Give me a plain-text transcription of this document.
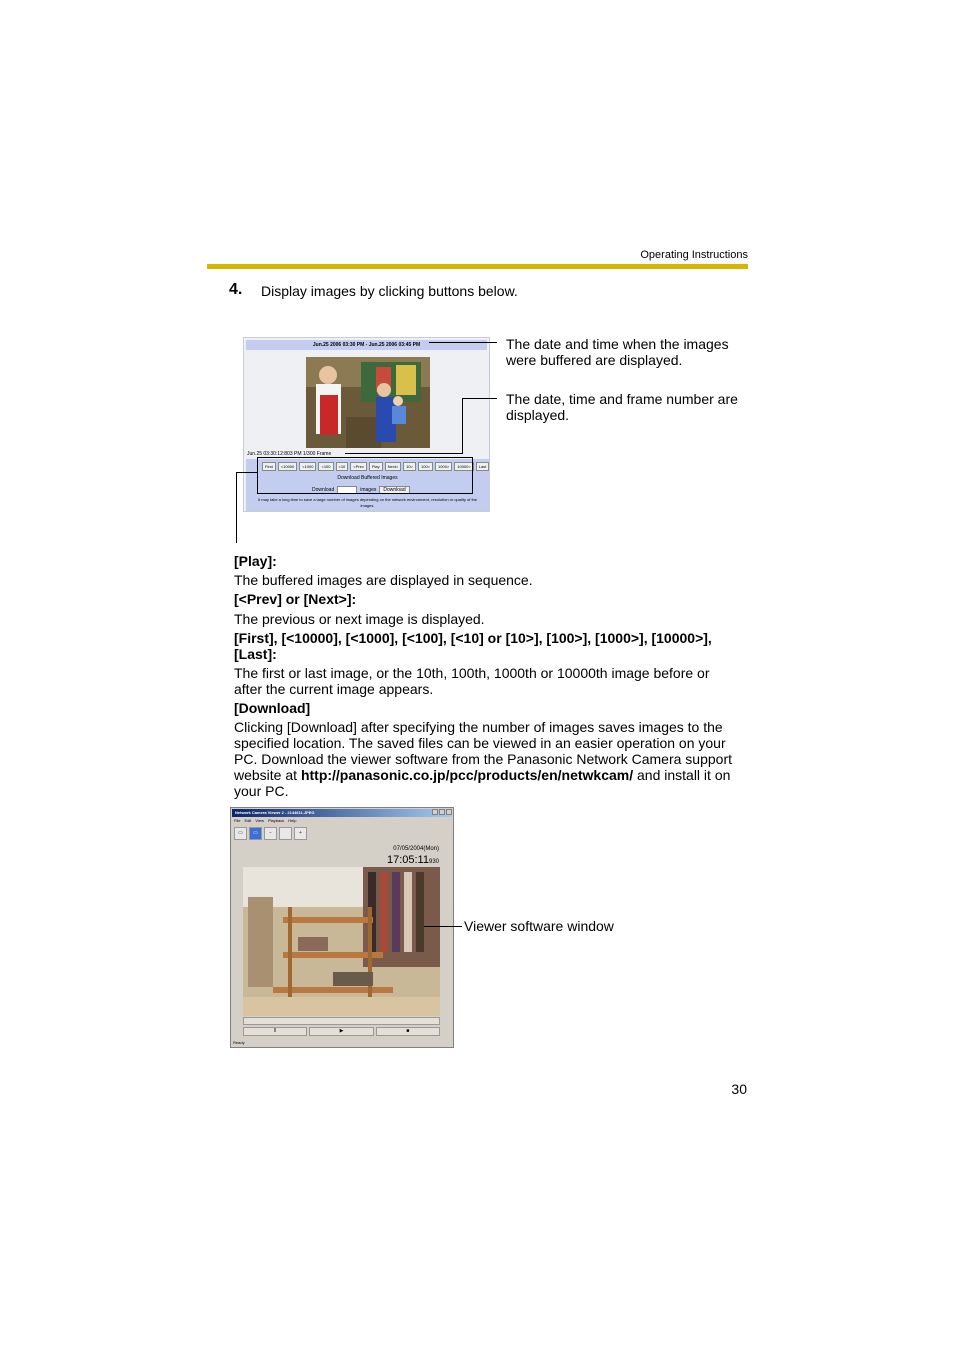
Operating Instructions
4. Display images by clicking buttons below.
Jun.25 2006 03:30 PM - Jun.25 2006 03:45 PM
Jun.25 03:30:12:803 PM 1/300 Frame
First	<10000	<1000	<100	<10	<Prev	Play	Next>	10>	100>	1000>	10000>	Last
Download Buffered Images
Download	images	Download
It may take a long time to save a large number of images depending on the network environment, resolution or quality of the images.
The date and time when the images were buffered are displayed.
The date, time and frame number are displayed.
[Play]:
The buffered images are displayed in sequence.
[<Prev] or [Next>]:
The previous or next image is displayed.
[First], [<10000], [<1000], [<100], [<10] or [10>], [100>], [1000>], [10000>], [Last]:
The first or last image, or the 10th, 100th, 1000th or 10000th image before or after the current image appears.
[Download]
Clicking [Download] after specifying the number of images saves images to the specified location. The saved files can be viewed in an easier operation on your PC. Download the viewer software from the Panasonic Network Camera support website at http://panasonic.co.jp/pcc/products/en/netwkcam/ and install it on your PC.
Network Camera Viewer 2 - 2144611.JPEG
File Edit View Playback Help
▭	▭	−	+
07/05/2004(Mon)
17:05:11930
‖	▶	■
Ready
Viewer software window
30
